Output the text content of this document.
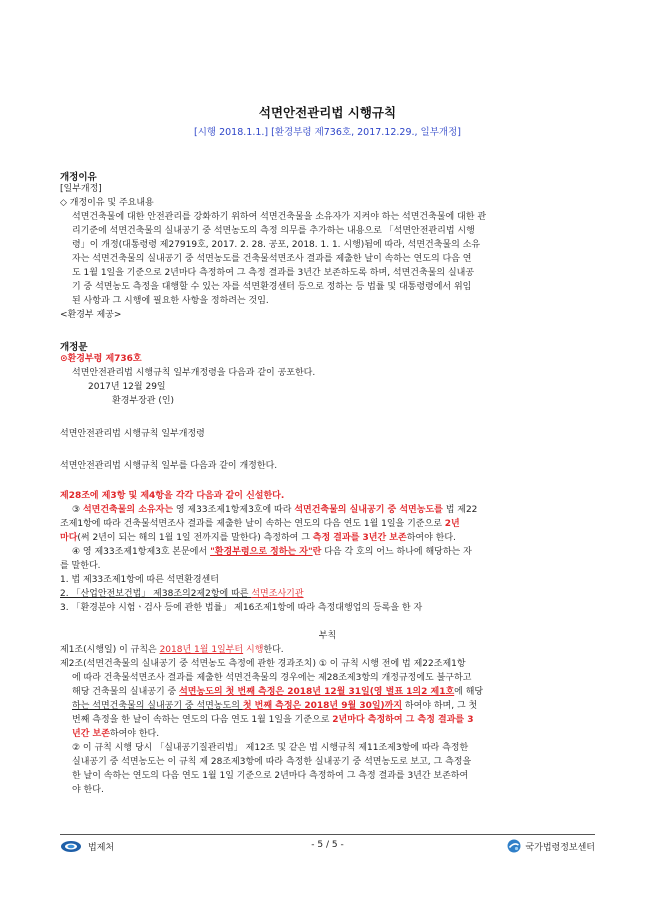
석면안전관리법 시행규칙
[시행 2018.1.1.] [환경부령 제736호, 2017.12.29., 일부개정]
개정이유
[일부개정]
◇ 개정이유 및 주요내용
석면건축물에 대한 안전관리를 강화하기 위하여 석면건축물을 소유자가 지켜야 하는 석면건축물에 대한 관
리기준에 석면건축물의 실내공기 중 석면농도의 측정 의무를 추가하는 내용으로 「석면안전관리법 시행
령」이 개정(대통령령 제27919호, 2017. 2. 28. 공포, 2018. 1. 1. 시행)됨에 따라, 석면건축물의 소유
자는 석면건축물의 실내공기 중 석면농도를 건축물석면조사 결과를 제출한 날이 속하는 연도의 다음 연
도 1월 1일을 기준으로 2년마다 측정하여 그 측정 결과를 3년간 보존하도록 하며, 석면건축물의 실내공
기 중 석면농도 측정을 대행할 수 있는 자를 석면환경센터 등으로 정하는 등 법률 및 대통령령에서 위임
된 사항과 그 시행에 필요한 사항을 정하려는 것임.
<환경부 제공>
개정문
⊙환경부령 제736호
석면안전관리법 시행규칙 일부개정령을 다음과 같이 공포한다.
2017년 12월 29일
환경부장관 (인)
석면안전관리법 시행규칙 일부개정령
석면안전관리법 시행규칙 일부를 다음과 같이 개정한다.
제28조에 제3항 및 제4항을 각각 다음과 같이 신설한다.
③ 석면건축물의 소유자는 영 제33조제1항제3호에 따라 석면건축물의 실내공기 중 석면농도를 법 제22
조제1항에 따라 건축물석면조사 결과를 제출한 날이 속하는 연도의 다음 연도 1월 1일을 기준으로 2년
마다(써 2년이 되는 해의 1월 1일 전까지를 말한다) 측정하여 그 측정 결과를 3년간 보존하여야 한다.
④ 영 제33조제1항제3호 본문에서 "환경부령으로 정하는 자"란 다음 각 호의 어느 하나에 해당하는 자
를 말한다.
1. 법 제33조제1항에 따른 석면환경센터
2. 「산업안전보건법」 제38조의2제2항에 따른 석면조사기관
3. 「환경분야 시험ㆍ검사 등에 관한 법률」 제16조제1항에 따라 측정대행업의 등록을 한 자
부칙
제1조(시행일) 이 규칙은 2018년 1월 1일부터 시행한다.
제2조(석면건축물의 실내공기 중 석면농도 측정에 관한 경과조치) ① 이 규칙 시행 전에 법 제22조제1항
에 따라 건축물석면조사 결과를 제출한 석면건축물의 경우에는 제28조제3항의 개정규정에도 불구하고
해당 건축물의 실내공기 중 석면농도의 첫 번째 측정은 2018년 12월 31일(영 별표 1의2 제1호에 해당
하는 석면건축물의 실내공기 중 석면농도의 첫 번째 측정은 2018년 9월 30일)까지 하여야 하며, 그 첫
번째 측정을 한 날이 속하는 연도의 다음 연도 1월 1일을 기준으로 2년마다 측정하여 그 측정 결과를 3
년간 보존하여야 한다.
② 이 규칙 시행 당시 「실내공기질관리법」 제12조 및 같은 법 시행규칙 제11조제3항에 따라 측정한
실내공기 중 석면농도는 이 규칙 제 28조제3항에 따라 측정한 실내공기 중 석면농도로 보고, 그 측정을
한 날이 속하는 연도의 다음 연도 1월 1일 기준으로 2년마다 측정하여 그 측정 결과를 3년간 보존하여
야 한다.
법제처	- 5 / 5 -	국가법령정보센터
